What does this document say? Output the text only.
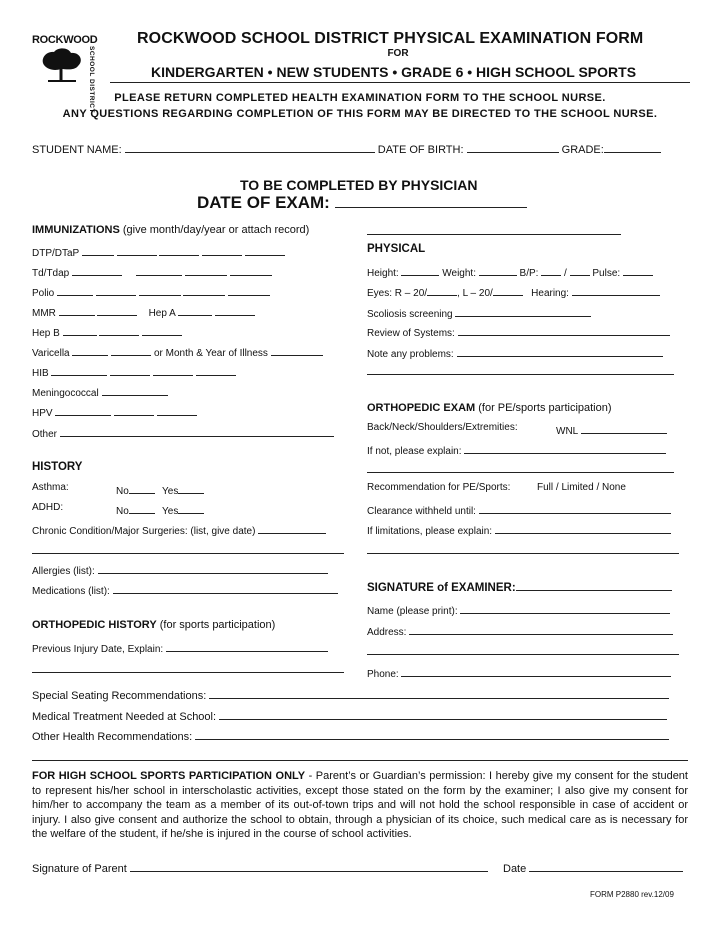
ROCKWOOD
SCHOOL DISTRICT
ROCKWOOD SCHOOL DISTRICT PHYSICAL EXAMINATION FORM
FOR
KINDERGARTEN • NEW STUDENTS • GRADE 6 • HIGH SCHOOL SPORTS
PLEASE RETURN COMPLETED HEALTH EXAMINATION FORM TO THE SCHOOL NURSE.
ANY QUESTIONS REGARDING COMPLETION OF THIS FORM MAY BE DIRECTED TO THE SCHOOL NURSE.
STUDENT NAME:	DATE OF BIRTH:	GRADE:
TO BE COMPLETED BY PHYSICIAN
DATE OF EXAM:
IMMUNIZATIONS (give month/day/year or attach record)
DTP/DTaP
Td/Tdap
Polio
MMR	Hep A
Hep B
Varicella	or Month & Year of Illness
HIB
Meningococcal
HPV
Other
HISTORY
Asthma:	No	Yes
ADHD:	No	Yes
Chronic Condition/Major Surgeries: (list, give date)
Allergies (list):
Medications (list):
ORTHOPEDIC HISTORY (for sports participation)
Previous Injury Date, Explain:
PHYSICAL
Height:	Weight:	B/P:	/	Pulse:
Eyes: R – 20/	, L – 20/	Hearing:
Scoliosis screening
Review of Systems:
Note any problems:
ORTHOPEDIC EXAM (for PE/sports participation)
Back/Neck/Shoulders/Extremities:	WNL
If not, please explain:
Recommendation for PE/Sports:	Full / Limited / None
Clearance withheld until:
If limitations, please explain:
SIGNATURE of EXAMINER:
Name (please print):
Address:
Phone:
Special Seating Recommendations:
Medical Treatment Needed at School:
Other Health Recommendations:
FOR HIGH SCHOOL SPORTS PARTICIPATION ONLY - Parent’s or Guardian’s permission: I hereby give my consent for the student to represent his/her school in interscholastic activities, except those stated on the form by the examiner; I also give my consent for him/her to accompany the team as a member of its out-of-town trips and will not hold the school responsible in case of accident or injury. I also give consent and authorize the school to obtain, through a physician of its choice, such medical care as is necessary for the welfare of the student, if he/she is injured in the course of school activities.
Signature of Parent	Date
FORM P2880 rev.12/09
